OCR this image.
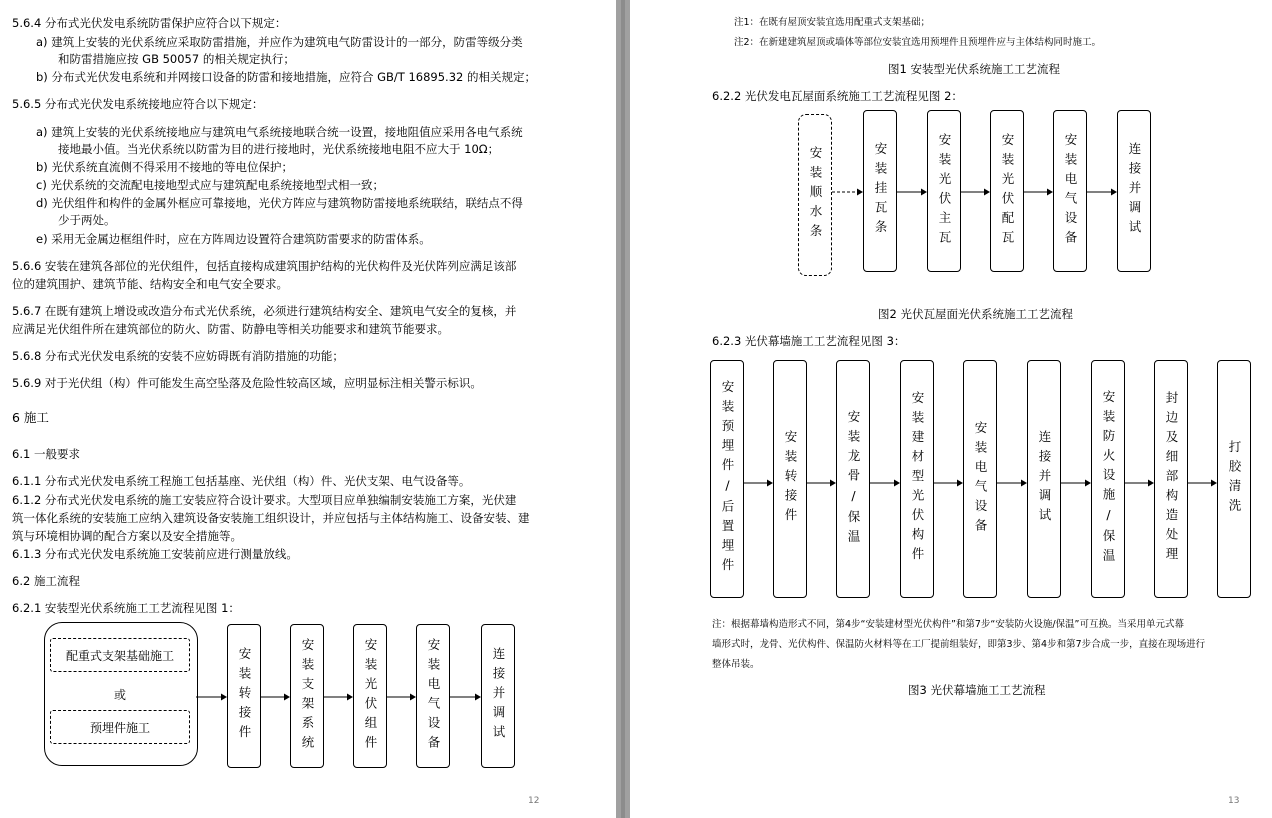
5.6.4 分布式光伏发电系统防雷保护应符合以下规定：
a) 建筑上安装的光伏系统应采取防雷措施，并应作为建筑电气防雷设计的一部分，防雷等级分类
和防雷措施应按 GB 50057 的相关规定执行；
b) 分布式光伏发电系统和并网接口设备的防雷和接地措施，应符合 GB/T 16895.32 的相关规定；
5.6.5 分布式光伏发电系统接地应符合以下规定：
a) 建筑上安装的光伏系统接地应与建筑电气系统接地联合统一设置，接地阻值应采用各电气系统
接地最小值。当光伏系统以防雷为目的进行接地时，光伏系统接地电阻不应大于 10Ω；
b) 光伏系统直流侧不得采用不接地的等电位保护；
c) 光伏系统的交流配电接地型式应与建筑配电系统接地型式相一致；
d) 光伏组件和构件的金属外框应可靠接地，光伏方阵应与建筑物防雷接地系统联结，联结点不得
少于两处。
e) 采用无金属边框组件时，应在方阵周边设置符合建筑防雷要求的防雷体系。
5.6.6 安装在建筑各部位的光伏组件，包括直接构成建筑围护结构的光伏构件及光伏阵列应满足该部
位的建筑围护、建筑节能、结构安全和电气安全要求。
5.6.7 在既有建筑上增设或改造分布式光伏系统，必须进行建筑结构安全、建筑电气安全的复核，并
应满足光伏组件所在建筑部位的防火、防雷、防静电等相关功能要求和建筑节能要求。
5.6.8 分布式光伏发电系统的安装不应妨碍既有消防措施的功能；
5.6.9 对于光伏组（构）件可能发生高空坠落及危险性较高区域，应明显标注相关警示标识。
6 施工
6.1 一般要求
6.1.1 分布式光伏发电系统工程施工包括基座、光伏组（构）件、光伏支架、电气设备等。
6.1.2 分布式光伏发电系统的施工安装应符合设计要求。大型项目应单独编制安装施工方案，光伏建
筑一体化系统的安装施工应纳入建筑设备安装施工组织设计，并应包括与主体结构施工、设备安装、建
筑与环境相协调的配合方案以及安全措施等。
6.1.3 分布式光伏发电系统施工安装前应进行测量放线。
6.2 施工流程
6.2.1 安装型光伏系统施工工艺流程见图 1：
配重式支架基础施工
或
预埋件施工	安装转接件	安装支架系统	安装光伏组件	安装电气设备	连接并调试
12
注1：在既有屋顶安装宜选用配重式支架基础；
注2：在新建建筑屋顶或墙体等部位安装宜选用预埋件且预埋件应与主体结构同时施工。
图1 安装型光伏系统施工工艺流程
6.2.2 光伏发电瓦屋面系统施工工艺流程见图 2：
安装顺水条	安装挂瓦条	安装光伏主瓦	安装光伏配瓦	安装电气设备	连接并调试
图2 光伏瓦屋面光伏系统施工工艺流程
6.2.3 光伏幕墙施工工艺流程见图 3：
安装预埋件/后置埋件	安装转接件	安装龙骨/保温	安装建材型光伏构件	安装电气设备	连接并调试	安装防火设施/保温	封边及细部构造处理	打胶清洗
注：根据幕墙构造形式不同，第4步“安装建材型光伏构件”和第7步“安装防火设施/保温”可互换。当采用单元式幕
墙形式时，龙骨、光伏构件、保温防火材料等在工厂提前组装好，即第3步、第4步和第7步合成一步，直接在现场进行
整体吊装。
图3 光伏幕墙施工工艺流程
13
